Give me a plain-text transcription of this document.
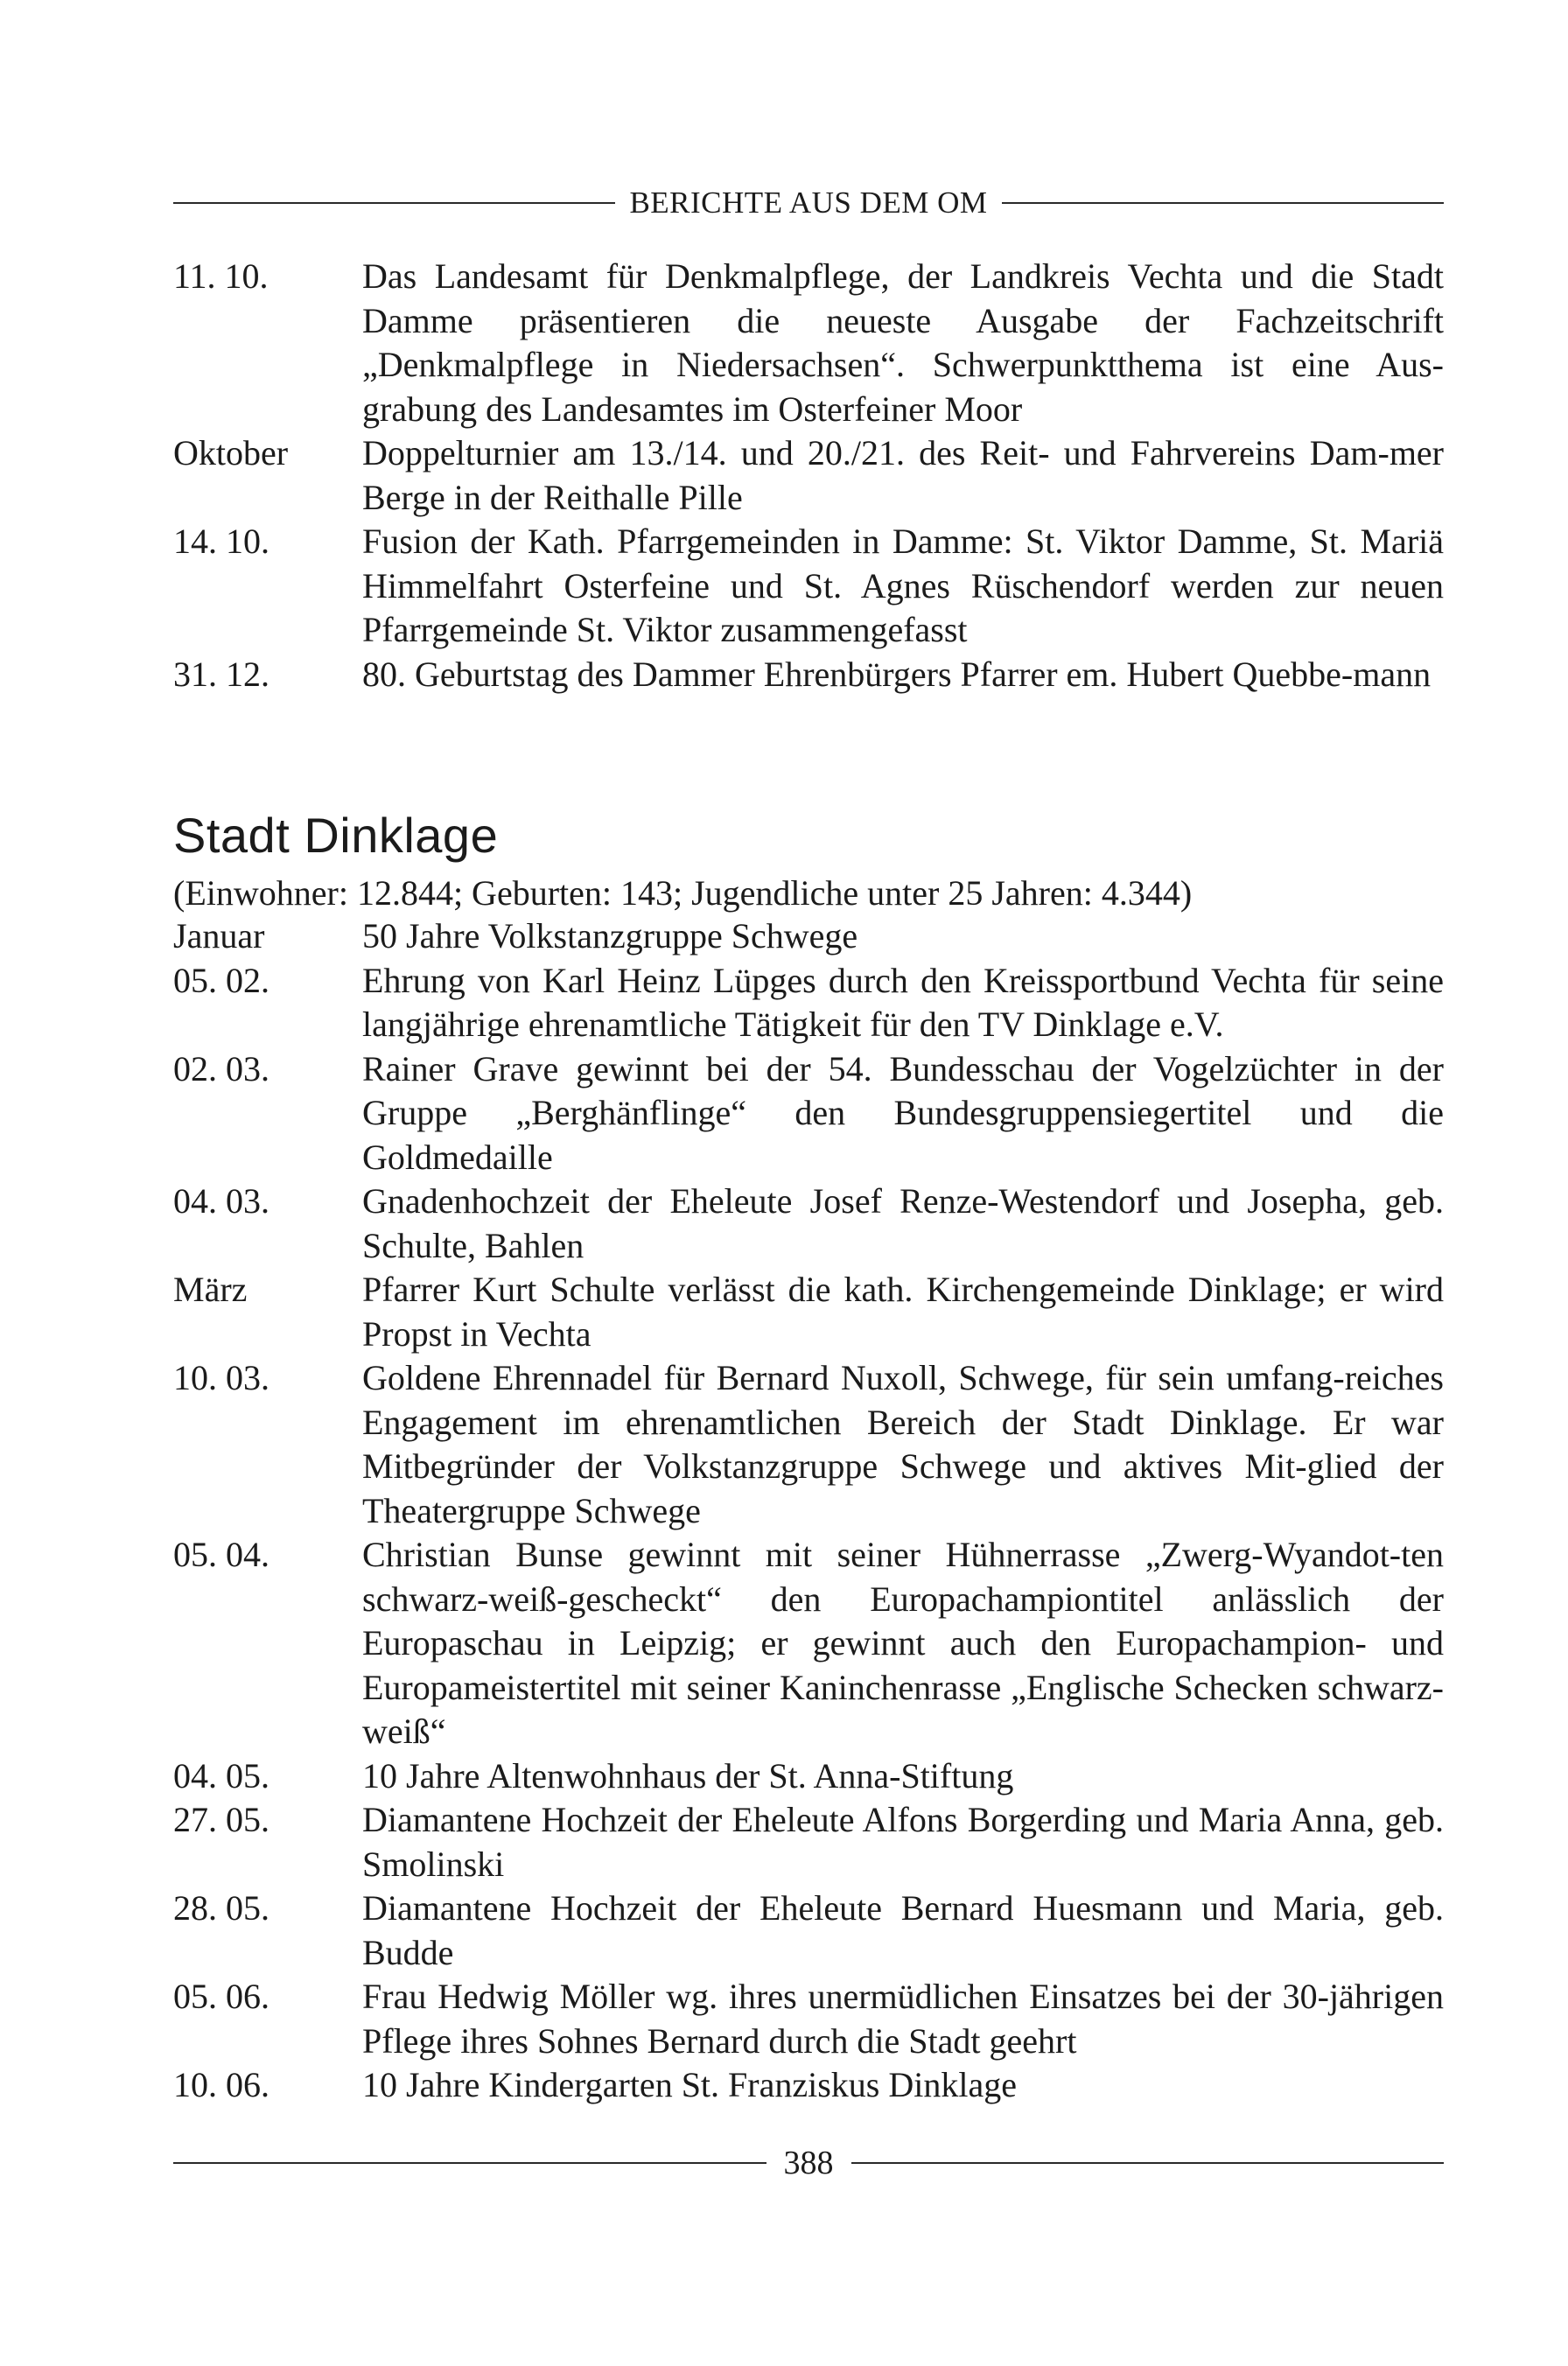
BERICHTE AUS DEM OM
11. 10.	Das Landesamt für Denkmalpflege, der Landkreis Vechta und die Stadt Damme präsentieren die neueste Ausgabe der Fachzeitschrift „Denkmalpflege in Niedersachsen“. Schwerpunktthema ist eine Aus-grabung des Landesamtes im Osterfeiner Moor
Oktober	Doppelturnier am 13./14. und 20./21. des Reit- und Fahrvereins Dam-mer Berge in der Reithalle Pille
14. 10.	Fusion der Kath. Pfarrgemeinden in Damme: St. Viktor Damme, St. Mariä Himmelfahrt Osterfeine und St. Agnes Rüschendorf werden zur neuen Pfarrgemeinde St. Viktor zusammengefasst
31. 12.	80. Geburtstag des Dammer Ehrenbürgers Pfarrer em. Hubert Quebbe-mann
Stadt Dinklage
(Einwohner: 12.844; Geburten: 143; Jugendliche unter 25 Jahren: 4.344)
Januar	50 Jahre Volkstanzgruppe Schwege
05. 02.	Ehrung von Karl Heinz Lüpges durch den Kreissportbund Vechta für seine langjährige ehrenamtliche Tätigkeit für den TV Dinklage e.V.
02. 03.	Rainer Grave gewinnt bei der 54. Bundesschau der Vogelzüchter in der Gruppe „Berghänflinge“ den Bundesgruppensiegertitel und die Goldmedaille
04. 03.	Gnadenhochzeit der Eheleute Josef Renze-Westendorf und Josepha, geb. Schulte, Bahlen
März	Pfarrer Kurt Schulte verlässt die kath. Kirchengemeinde Dinklage; er wird Propst in Vechta
10. 03.	Goldene Ehrennadel für Bernard Nuxoll, Schwege, für sein umfang-reiches Engagement im ehrenamtlichen Bereich der Stadt Dinklage. Er war Mitbegründer der Volkstanzgruppe Schwege und aktives Mit-glied der Theatergruppe Schwege
05. 04.	Christian Bunse gewinnt mit seiner Hühnerrasse „Zwerg-Wyandot-ten schwarz-weiß-gescheckt“ den Europachampiontitel anlässlich der Europaschau in Leipzig; er gewinnt auch den Europachampion- und Europameistertitel mit seiner Kaninchenrasse „Englische Schecken schwarz-weiß“
04. 05.	10 Jahre Altenwohnhaus der St. Anna-Stiftung
27. 05.	Diamantene Hochzeit der Eheleute Alfons Borgerding und Maria Anna, geb. Smolinski
28. 05.	Diamantene Hochzeit der Eheleute Bernard Huesmann und Maria, geb. Budde
05. 06.	Frau Hedwig Möller wg. ihres unermüdlichen Einsatzes bei der 30-jährigen Pflege ihres Sohnes Bernard durch die Stadt geehrt
10. 06.	10 Jahre Kindergarten St. Franziskus Dinklage
388
